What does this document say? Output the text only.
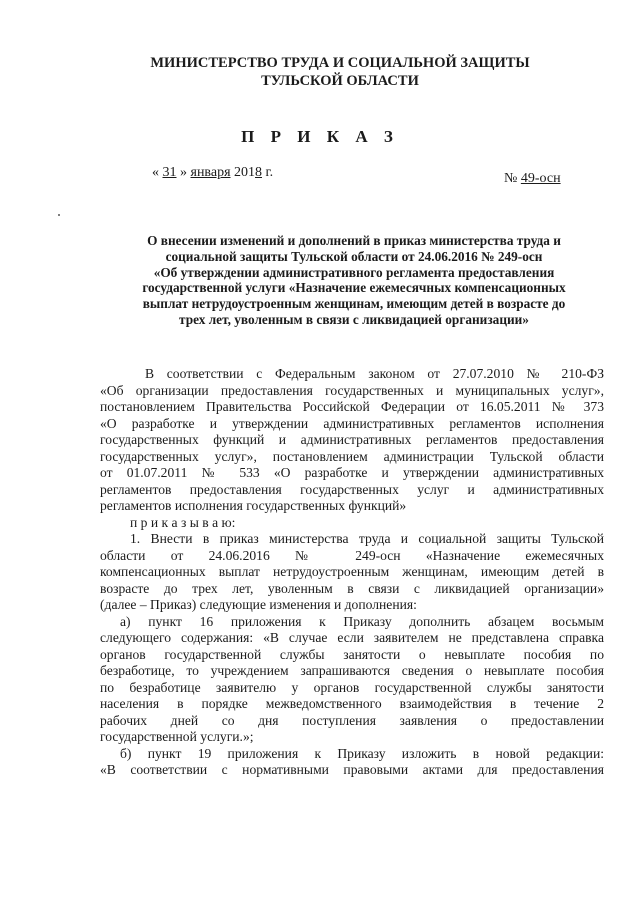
МИНИСТЕРСТВО ТРУДА И СОЦИАЛЬНОЙ ЗАЩИТЫ
ТУЛЬСКОЙ ОБЛАСТИ
П Р И К А З
« 31 » января 2018 г.	№ 49-осн
О внесении изменений и дополнений в приказ министерства труда и
социальной защиты Тульской области от 24.06.2016 № 249-осн
«Об утверждении административного регламента предоставления
государственной услуги «Назначение ежемесячных компенсационных
выплат нетрудоустроенным женщинам, имеющим детей в возрасте до
трех лет, уволенным в связи с ликвидацией организации»
В соответствии с Федеральным законом от 27.07.2010 № 210-ФЗ
«Об организации предоставления государственных и муниципальных услуг»,
постановлением Правительства Российской Федерации от 16.05.2011 № 373
«О разработке и утверждении административных регламентов исполнения
государственных функций и административных регламентов предоставления
государственных услуг», постановлением администрации Тульской области
от 01.07.2011 № 533 «О разработке и утверждении административных
регламентов предоставления государственных услуг и административных
регламентов исполнения государственных функций»
п р и к а з ы в а ю:
1. Внести в приказ министерства труда и социальной защиты Тульской
области от 24.06.2016 № 249-осн «Назначение ежемесячных
компенсационных выплат нетрудоустроенным женщинам, имеющим детей в
возрасте до трех лет, уволенным в связи с ликвидацией организации»
(далее – Приказ) следующие изменения и дополнения:
а) пункт 16 приложения к Приказу дополнить абзацем восьмым
следующего содержания: «В случае если заявителем не представлена справка
органов государственной службы занятости о невыплате пособия по
безработице, то учреждением запрашиваются сведения о невыплате пособия
по безработице заявителю у органов государственной службы занятости
населения в порядке межведомственного взаимодействия в течение 2
рабочих дней со дня поступления заявления о предоставлении
государственной услуги.»;
б) пункт 19 приложения к Приказу изложить в новой редакции:
«В соответствии с нормативными правовыми актами для предоставления
